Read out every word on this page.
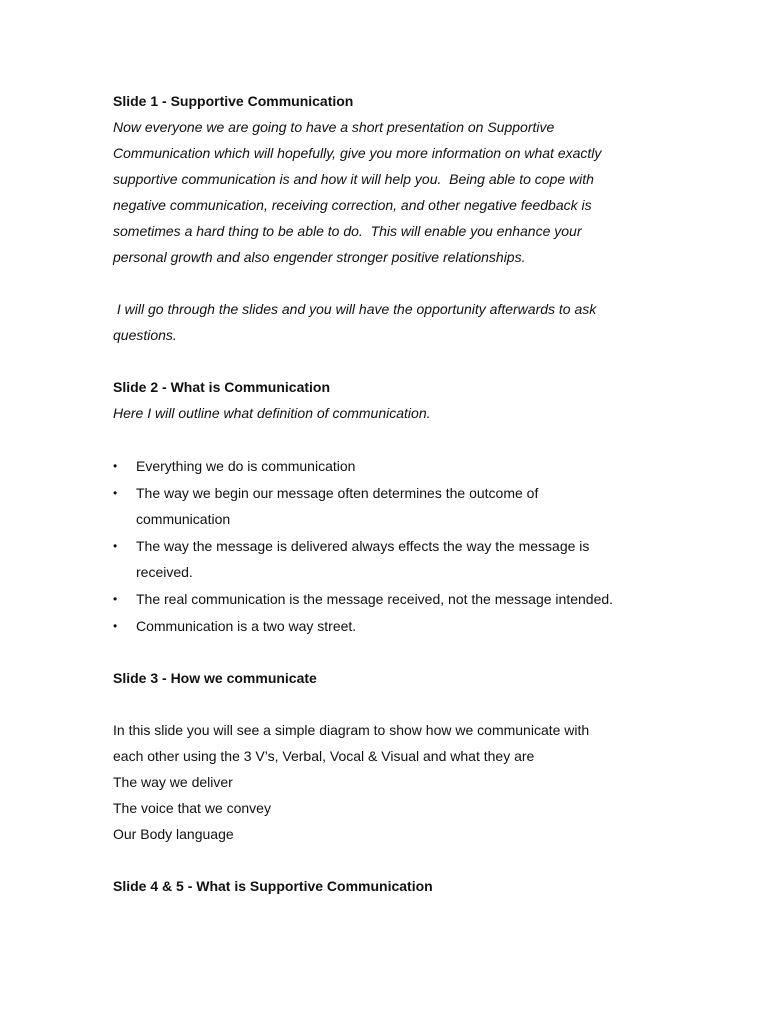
Slide 1 - Supportive Communication
Now everyone we are going to have a short presentation on Supportive
Communication which will hopefully, give you more information on what exactly
supportive communication is and how it will help you.  Being able to cope with
negative communication, receiving correction, and other negative feedback is
sometimes a hard thing to be able to do.  This will enable you enhance your
personal growth and also engender stronger positive relationships.
I will go through the slides and you will have the opportunity afterwards to ask
questions.
Slide 2 - What is Communication
Here I will outline what definition of communication.
• Everything we do is communication
• The way we begin our message often determines the outcome of
communication
• The way the message is delivered always effects the way the message is
received.
• The real communication is the message received, not the message intended.
• Communication is a two way street.
Slide 3 - How we communicate
In this slide you will see a simple diagram to show how we communicate with
each other using the 3 V’s, Verbal, Vocal & Visual and what they are
The way we deliver
The voice that we convey
Our Body language
Slide 4 & 5 - What is Supportive Communication
